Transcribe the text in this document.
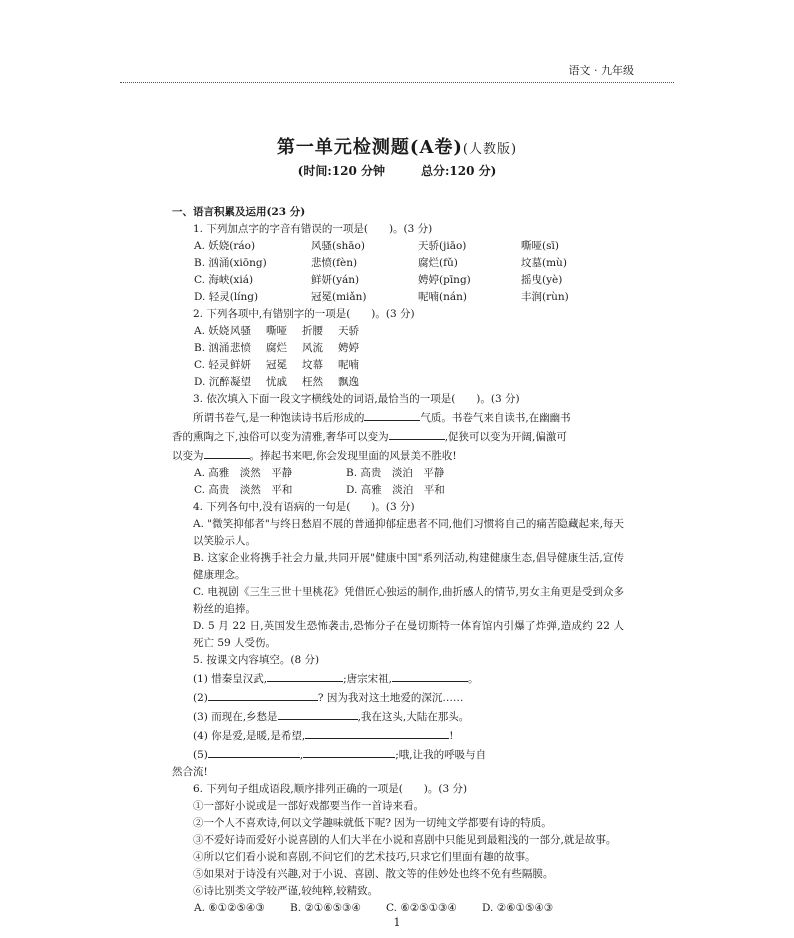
语文 · 九年级
第一单元检测题(A卷)(人教版)
(时间:120 分钟	总分:120 分)
一、语言积累及运用(23 分)
1. 下列加点字的字音有错误的一项是(　　)。(3 分)
A. 妖娆(ráo)	风骚(shāo)	天骄(jiāo)	嘶哑(sī)
B. 汹涌(xiōng)	悲愤(fèn)	腐烂(fǔ)	坟墓(mù)
C. 海峡(xiá)	鲜妍(yán)	娉婷(pīng)	摇曳(yè)
D. 轻灵(líng)	冠冕(miǎn)	呢喃(nán)	丰润(rùn)
2. 下列各项中,有错别字的一项是(　　)。(3 分)
A. 妖娆 风骚	嘶哑	折腰	天骄
B. 汹涌 悲愤	腐烂	风流	娉婷
C. 轻灵 鲜妍	冠冕	坟幕	呢喃
D. 沉醉 凝望	忧戚	枉然	飘逸
3. 依次填入下面一段文字横线处的词语,最恰当的一项是(　　)。(3 分)
所谓书卷气,是一种饱读诗书后形成的	气质。书卷气来自读书,在幽幽书
香的熏陶之下,浊俗可以变为清雅,奢华可以变为	,促狭可以变为开阔,偏激可
以变为	。捧起书来吧,你会发现里面的风景美不胜收!
A. 高雅　淡然　平静	B. 高贵　淡泊　平静
C. 高贵　淡然　平和	D. 高雅　淡泊　平和
4. 下列各句中,没有语病的一句是(　　)。(3 分)
A. "微笑抑郁者"与终日愁眉不展的普通抑郁症患者不同,他们习惯将自己的痛苦隐藏起来,每天以笑脸示人。
B. 这家企业将携手社会力量,共同开展"健康中国"系列活动,构建健康生态,倡导健康生活,宣传健康理念。
C. 电视剧《三生三世十里桃花》凭借匠心独运的制作,曲折感人的情节,男女主角更是受到众多粉丝的追捧。
D. 5 月 22 日,英国发生恐怖袭击,恐怖分子在曼切斯特一体育馆内引爆了炸弹,造成约 22 人死亡 59 人受伤。
5. 按课文内容填空。(8 分)
(1) 惜秦皇汉武,	;唐宗宋祖,	。
(2)	? 因为我对这土地爱的深沉……
(3) 而现在,乡愁是	,我在这头,大陆在那头。
(4) 你是爱,是暖,是希望,	!
(5)	,	;哦,让我的呼吸与自
然合流!
6. 下列句子组成语段,顺序排列正确的一项是(　　)。(3 分)
①一部好小说或是一部好戏都要当作一首诗来看。
②一个人不喜欢诗,何以文学趣味就低下呢? 因为一切纯文学都要有诗的特质。
③不爱好诗而爱好小说喜剧的人们大半在小说和喜剧中只能见到最粗浅的一部分,就是故事。
④所以它们看小说和喜剧,不问它们的艺术技巧,只求它们里面有趣的故事。
⑤如果对于诗没有兴趣,对于小说、喜剧、散文等的佳妙处也终不免有些隔膜。
⑥诗比别类文学较严谨,较纯粹,较精致。
A. ⑥①②⑤④③	B. ②①⑥⑤③④	C. ⑥②⑤①③④	D. ②⑥①⑤④③
1
